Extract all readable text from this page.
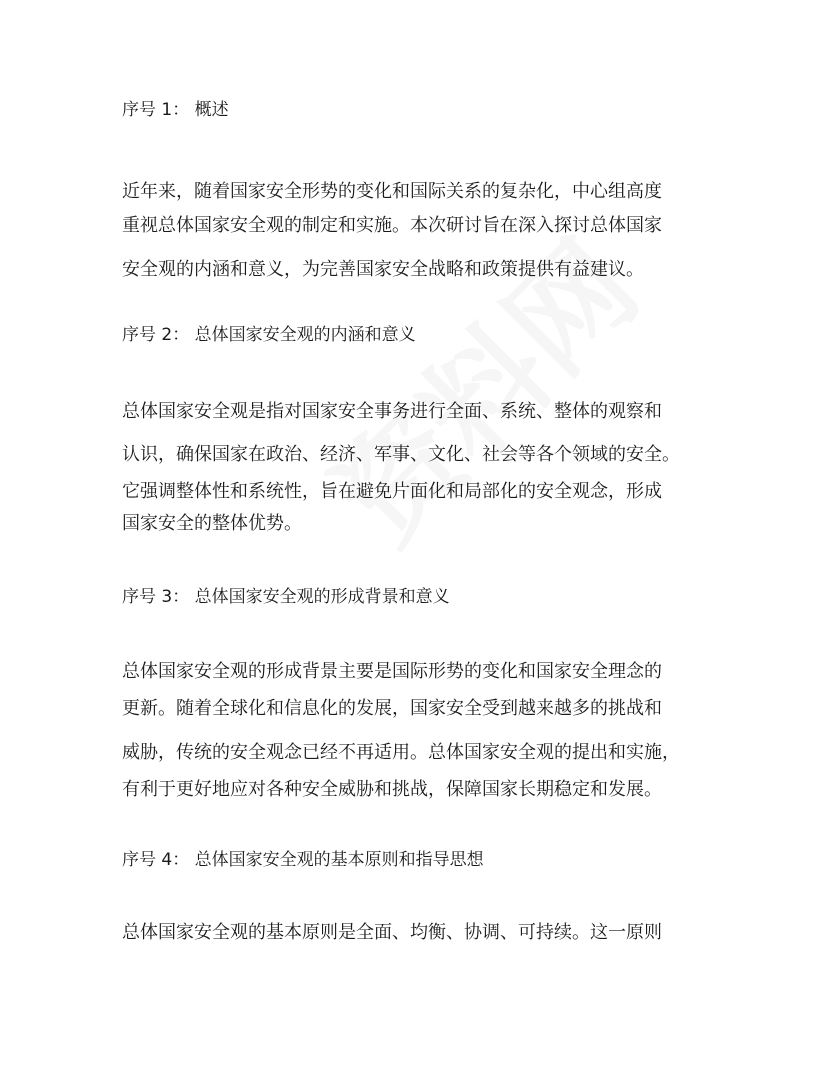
序号 1： 概述
近年来，随着国家安全形势的变化和国际关系的复杂化，中心组高度
重视总体国家安全观的制定和实施。本次研讨旨在深入探讨总体国家
安全观的内涵和意义，为完善国家安全战略和政策提供有益建议。
序号 2： 总体国家安全观的内涵和意义
总体国家安全观是指对国家安全事务进行全面、系统、整体的观察和
认识，确保国家在政治、经济、军事、文化、社会等各个领域的安全。
它强调整体性和系统性，旨在避免片面化和局部化的安全观念，形成
国家安全的整体优势。
序号 3： 总体国家安全观的形成背景和意义
总体国家安全观的形成背景主要是国际形势的变化和国家安全理念的
更新。随着全球化和信息化的发展，国家安全受到越来越多的挑战和
威胁，传统的安全观念已经不再适用。总体国家安全观的提出和实施，
有利于更好地应对各种安全威胁和挑战，保障国家长期稳定和发展。
序号 4： 总体国家安全观的基本原则和指导思想
总体国家安全观的基本原则是全面、均衡、协调、可持续。这一原则
